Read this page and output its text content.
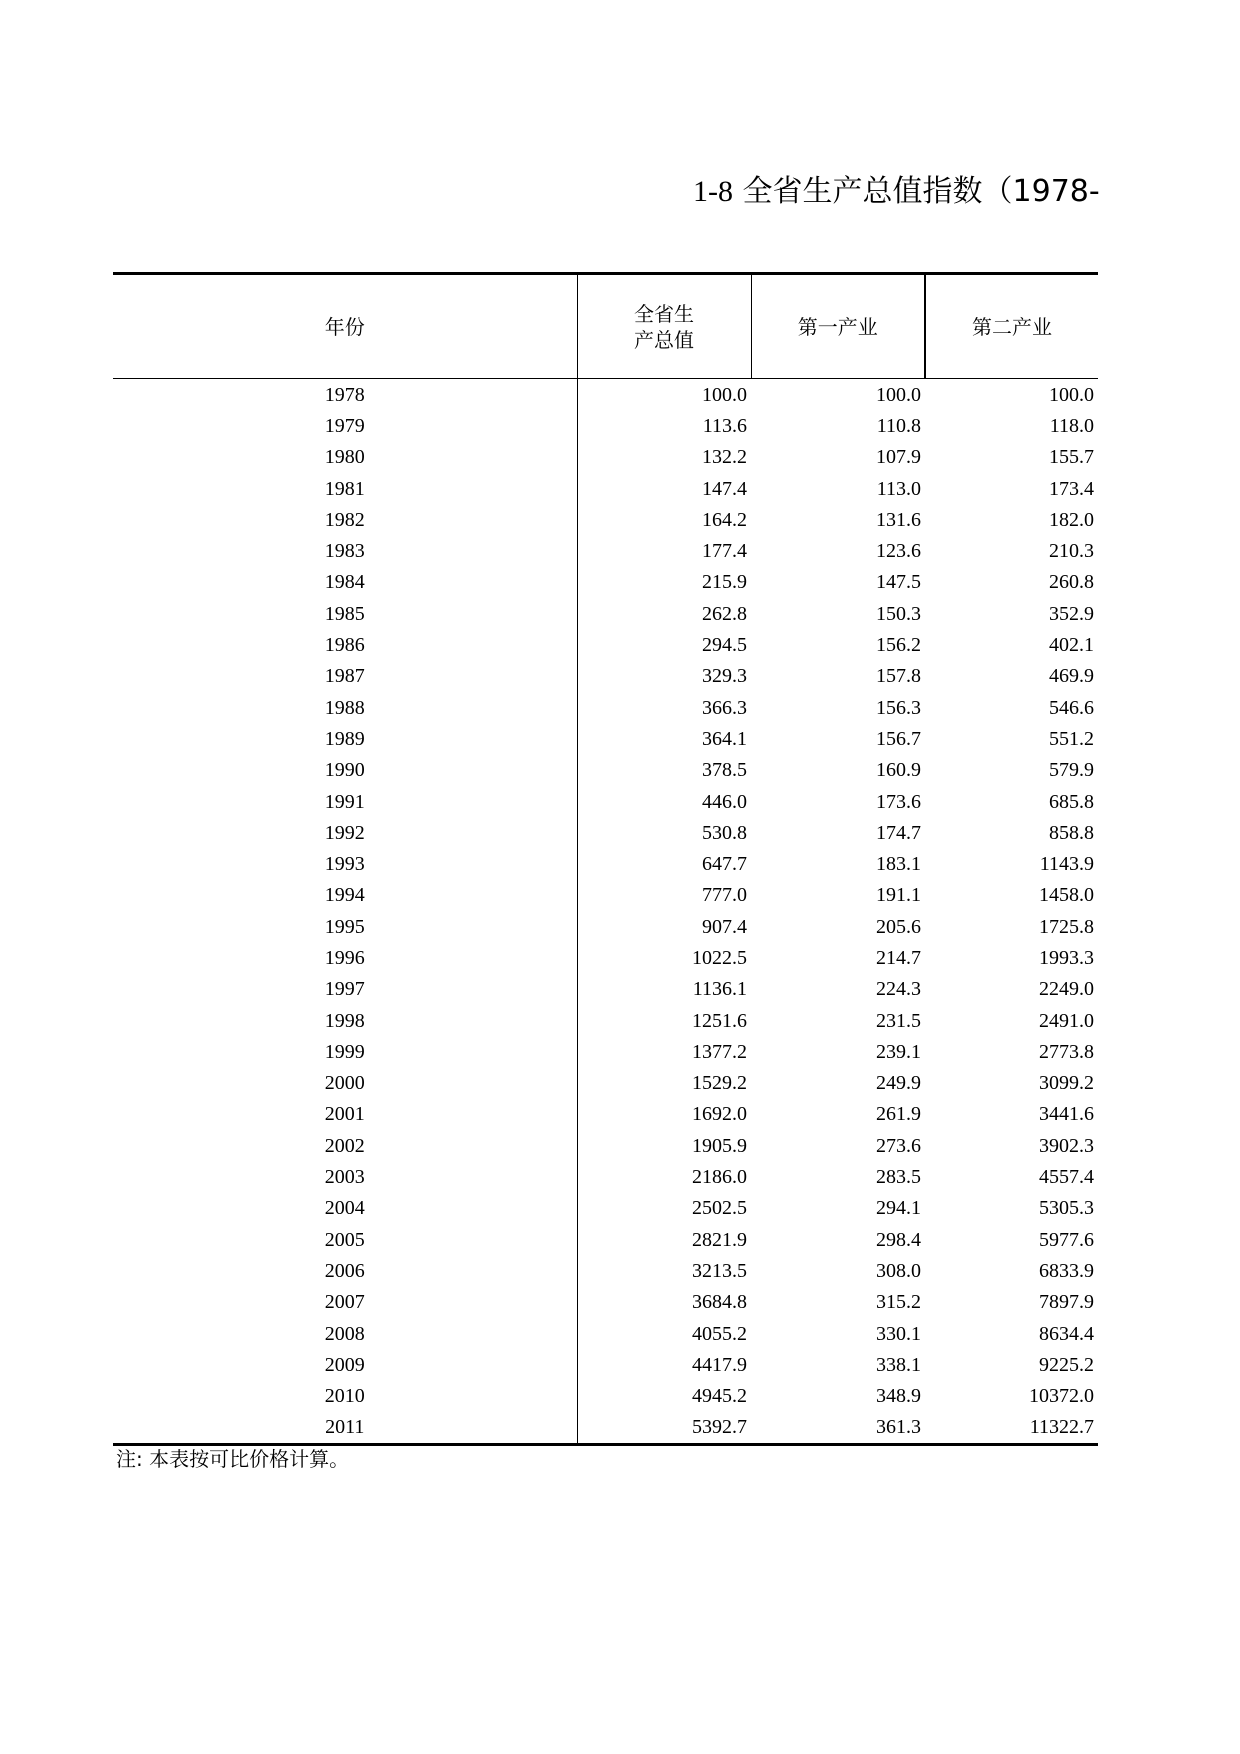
1-8 全省生产总值指数（1978-
年份	全省生
产总值	第一产业	第二产业
1978	100.0	100.0	100.0
1979	113.6	110.8	118.0
1980	132.2	107.9	155.7
1981	147.4	113.0	173.4
1982	164.2	131.6	182.0
1983	177.4	123.6	210.3
1984	215.9	147.5	260.8
1985	262.8	150.3	352.9
1986	294.5	156.2	402.1
1987	329.3	157.8	469.9
1988	366.3	156.3	546.6
1989	364.1	156.7	551.2
1990	378.5	160.9	579.9
1991	446.0	173.6	685.8
1992	530.8	174.7	858.8
1993	647.7	183.1	1143.9
1994	777.0	191.1	1458.0
1995	907.4	205.6	1725.8
1996	1022.5	214.7	1993.3
1997	1136.1	224.3	2249.0
1998	1251.6	231.5	2491.0
1999	1377.2	239.1	2773.8
2000	1529.2	249.9	3099.2
2001	1692.0	261.9	3441.6
2002	1905.9	273.6	3902.3
2003	2186.0	283.5	4557.4
2004	2502.5	294.1	5305.3
2005	2821.9	298.4	5977.6
2006	3213.5	308.0	6833.9
2007	3684.8	315.2	7897.9
2008	4055.2	330.1	8634.4
2009	4417.9	338.1	9225.2
2010	4945.2	348.9	10372.0
2011	5392.7	361.3	11322.7
注: 本表按可比价格计算。
